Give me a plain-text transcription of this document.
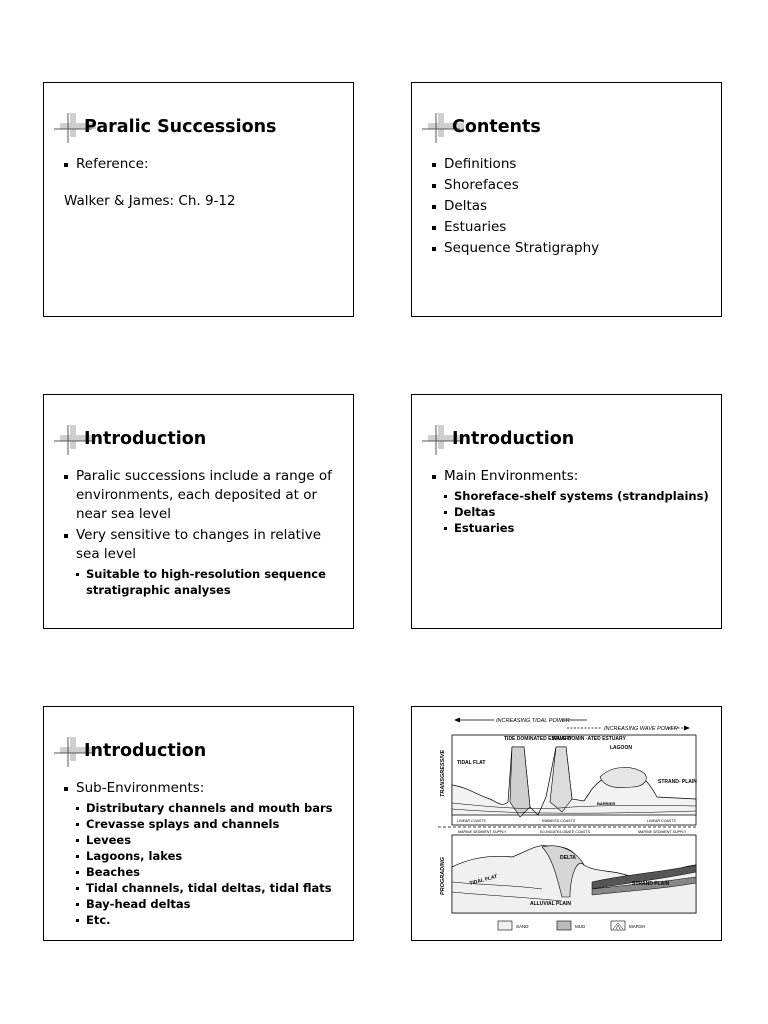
Paralic Successions
Reference:
Walker & James: Ch. 9-12
Contents
Definitions
Shorefaces
Deltas
Estuaries
Sequence Stratigraphy
Introduction
Paralic successions include a range of environments, each deposited at or near sea level
Very sensitive to changes in relative sea level
Suitable to high-resolution sequence stratigraphic analyses
Introduction
Main Environments:
Shoreface-shelf systems (strandplains)
Deltas
Estuaries
Introduction
Sub-Environments:
Distributary channels and mouth bars
Crevasse splays and channels
Levees
Lagoons, lakes
Beaches
Tidal channels, tidal deltas, tidal flats
Bay-head deltas
Etc.
INCREASING TIDAL POWER
INCREASING WAVE POWER
TRANSGRESSIVE
PROGRADING
TIDAL FLAT
TIDE DOMINATED ESTUARY
WAVE DOMIN -ATED ESTUARY
LAGOON
STRAND- PLAIN
BARRIER
LINEAR COASTS	EMBAYED COASTS	LINEAR COASTS
MARINE SEDIMENT SUPPLY	ELONGATE/LOBATE COASTS	MARINE SEDIMENT SUPPLY
DELTA
TIDAL FLAT
ALLUVIAL PLAIN
STRAND PLAIN
SAND	MUD	MARSH
